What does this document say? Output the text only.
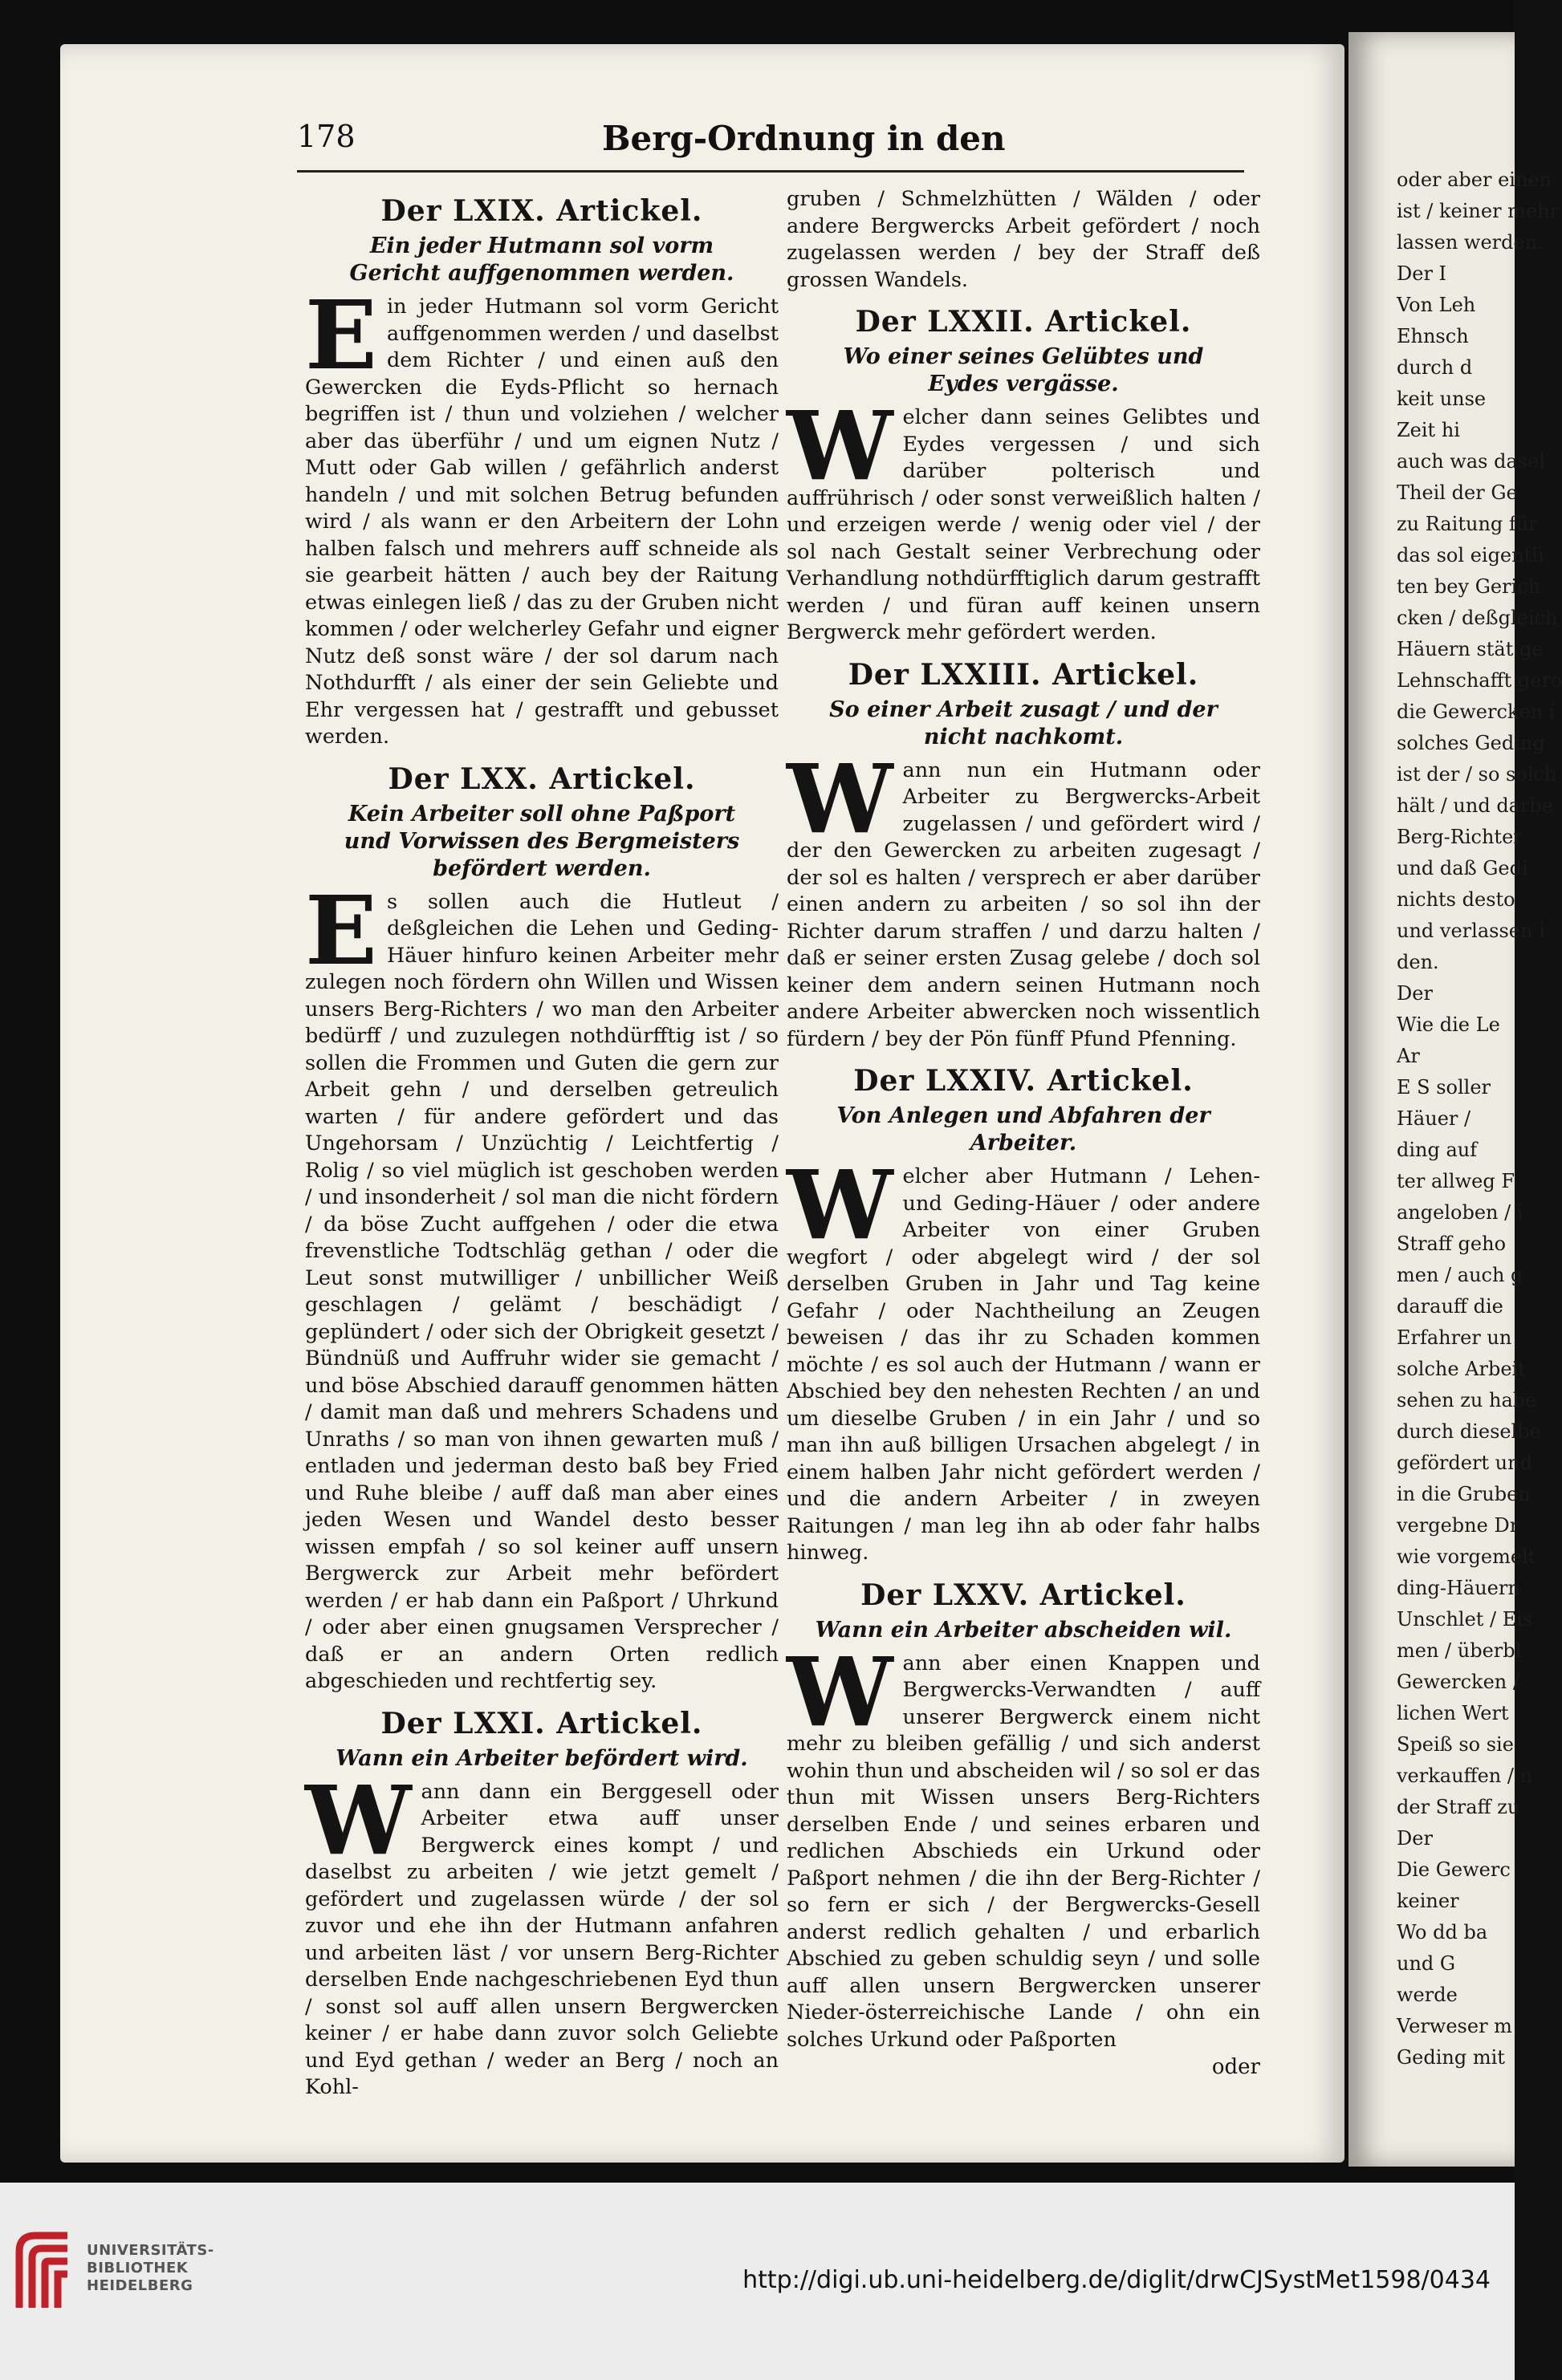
oder aber einen
ist / keiner mehr
lassen werden.
Der I
Von Leh
Ehnsch
durch d
keit unse
Zeit hi
auch was dasel
Theil der Ge
zu Raitung für
das sol eigentli
ten bey Gerich
cken / deßgleich
Häuern stät ge
Lehnschafft gero
die Gewercken i
solches Geding
ist der / so solch
hält / und darbe
Berg-Richter
und daß Gedi
nichts desto
und verlassen i
den.
Der
Wie die Le
Ar
E S soller
Häuer /
ding auf
ter allweg F
angeloben / i
Straff geho
men / auch g
darauff die
Erfahrer un
solche Arbeit
sehen zu habe
durch dieselbe
gefördert und
in die Gruben
vergebne Dr
wie vorgemelt
ding-Häuern
Unschlet / Eis
men / überbl
Gewercken /
lichen Wert
Speiß so sie
verkauffen / n
der Straff zu
Der
Die Gewerc
keiner
Wo dd ba
und G
werde
Verweser m
Geding mit
178	Berg-Ordnung in den
Der LXIX. Artickel.
Ein jeder Hutmann sol vorm Gericht auffgenommen werden.

Ein jeder Hutmann sol vorm Gericht auffgenommen werden / und daselbst dem Richter / und einen auß den Gewercken die Eyds-Pflicht so hernach begriffen ist / thun und volziehen / welcher aber das überführ / und um eignen Nutz / Mutt oder Gab willen / gefährlich anderst handeln / und mit solchen Betrug befunden wird / als wann er den Arbeitern der Lohn halben falsch und mehrers auff schneide als sie gearbeit hätten / auch bey der Raitung etwas einlegen ließ / das zu der Gruben nicht kommen / oder welcherley Gefahr und eigner Nutz deß sonst wäre / der sol darum nach Nothdurfft / als einer der sein Geliebte und Ehr vergessen hat / gestrafft und gebusset werden.

Der LXX. Artickel.
Kein Arbeiter soll ohne Paßport und Vorwissen des Bergmeisters befördert werden.

Es sollen auch die Hutleut / deßgleichen die Lehen und Geding-Häuer hinfuro keinen Arbeiter mehr zulegen noch fördern ohn Willen und Wissen unsers Berg-Richters / wo man den Arbeiter bedürff / und zuzulegen nothdürfftig ist / so sollen die Frommen und Guten die gern zur Arbeit gehn / und derselben getreulich warten / für andere gefördert und das Ungehorsam / Unzüchtig / Leichtfertig / Rolig / so viel müglich ist geschoben werden / und insonderheit / sol man die nicht fördern / da böse Zucht auffgehen / oder die etwa frevenstliche Todtschläg gethan / oder die Leut sonst mutwilliger / unbillicher Weiß geschlagen / gelämt / beschädigt / geplündert / oder sich der Obrigkeit gesetzt / Bündnüß und Auffruhr wider sie gemacht / und böse Abschied darauff genommen hätten / damit man daß und mehrers Schadens und Unraths / so man von ihnen gewarten muß / entladen und jederman desto baß bey Fried und Ruhe bleibe / auff daß man aber eines jeden Wesen und Wandel desto besser wissen empfah / so sol keiner auff unsern Bergwerck zur Arbeit mehr befördert werden / er hab dann ein Paßport / Uhrkund / oder aber einen gnugsamen Versprecher / daß er an andern Orten redlich abgeschieden und rechtfertig sey.

Der LXXI. Artickel.
Wann ein Arbeiter befördert wird.

Wann dann ein Berggesell oder Arbeiter etwa auff unser Bergwerck eines kompt / und daselbst zu arbeiten / wie jetzt gemelt / gefördert und zugelassen würde / der sol zuvor und ehe ihn der Hutmann anfahren und arbeiten läst / vor unsern Berg-Richter derselben Ende nachgeschriebenen Eyd thun / sonst sol auff allen unsern Bergwercken keiner / er habe dann zuvor solch Geliebte und Eyd gethan / weder an Berg / noch an Kohl-

gruben / Schmelzhütten / Wälden / oder andere Bergwercks Arbeit gefördert / noch zugelassen werden / bey der Straff deß grossen Wandels.

Der LXXII. Artickel.
Wo einer seines Gelübtes und Eydes vergässe.

Welcher dann seines Gelibtes und Eydes vergessen / und sich darüber polterisch und auffrührisch / oder sonst verweißlich halten / und erzeigen werde / wenig oder viel / der sol nach Gestalt seiner Verbrechung oder Verhandlung nothdürfftiglich darum gestrafft werden / und füran auff keinen unsern Bergwerck mehr gefördert werden.

Der LXXIII. Artickel.
So einer Arbeit zusagt / und der nicht nachkomt.

Wann nun ein Hutmann oder Arbeiter zu Bergwercks-Arbeit zugelassen / und gefördert wird / der den Gewercken zu arbeiten zugesagt / der sol es halten / versprech er aber darüber einen andern zu arbeiten / so sol ihn der Richter darum straffen / und darzu halten / daß er seiner ersten Zusag gelebe / doch sol keiner dem andern seinen Hutmann noch andere Arbeiter abwercken noch wissentlich fürdern / bey der Pön fünff Pfund Pfenning.

Der LXXIV. Artickel.
Von Anlegen und Abfahren der Arbeiter.

Welcher aber Hutmann / Lehen- und Geding-Häuer / oder andere Arbeiter von einer Gruben wegfort / oder abgelegt wird / der sol derselben Gruben in Jahr und Tag keine Gefahr / oder Nachtheilung an Zeugen beweisen / das ihr zu Schaden kommen möchte / es sol auch der Hutmann / wann er Abschied bey den nehesten Rechten / an und um dieselbe Gruben / in ein Jahr / und so man ihn auß billigen Ursachen abgelegt / in einem halben Jahr nicht gefördert werden / und die andern Arbeiter / in zweyen Raitungen / man leg ihn ab oder fahr halbs hinweg.

Der LXXV. Artickel.
Wann ein Arbeiter abscheiden wil.

Wann aber einen Knappen und Bergwercks-Verwandten / auff unserer Bergwerck einem nicht mehr zu bleiben gefällig / und sich anderst wohin thun und abscheiden wil / so sol er das thun mit Wissen unsers Berg-Richters derselben Ende / und seines erbaren und redlichen Abschieds ein Urkund oder Paßport nehmen / die ihn der Berg-Richter / so fern er sich / der Bergwercks-Gesell anderst redlich gehalten / und erbarlich Abschied zu geben schuldig seyn / und solle auff allen unsern Bergwercken unserer Nieder-österreichische Lande / ohn ein solches Urkund oder Paßporten

oder
UNIVERSITÄTS-
BIBLIOTHEK
HEIDELBERG	http://digi.ub.uni-heidelberg.de/diglit/drwCJSystMet1598/0434
